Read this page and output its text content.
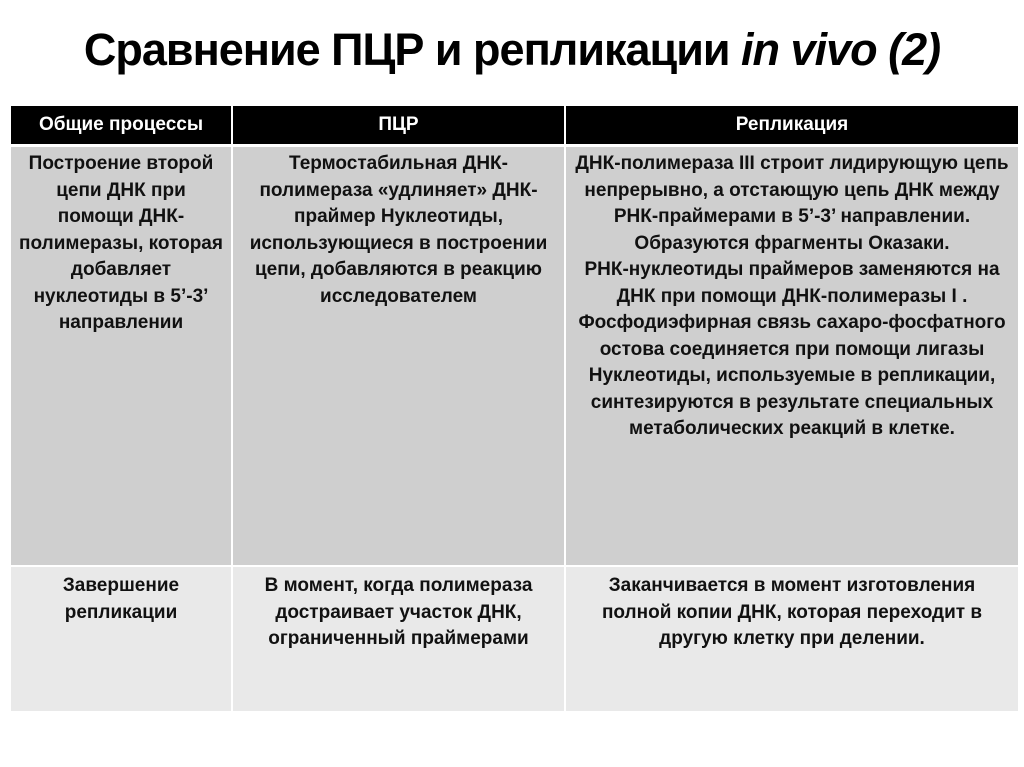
Сравнение ПЦР и репликации in vivo (2)
Общие процессы	ПЦР	Репликация
Построение второй цепи ДНК при помощи ДНК-полимеразы, которая добавляет нуклеотиды в 5’-3’ направлении	Термостабильная ДНК-полимераза «удлиняет» ДНК-праймер Нуклеотиды, использующиеся в построении цепи, добавляются в реакцию исследователем	ДНК-полимераза III строит лидирующую цепь непрерывно, а отстающую цепь ДНК между РНК-праймерами в 5’-3’ направлении.
Образуются фрагменты Оказаки.
РНК-нуклеотиды праймеров заменяются на ДНК при помощи ДНК-полимеразы I .
Фосфодиэфирная связь сахаро-фосфатного остова соединяется при помощи лигазы
Нуклеотиды, используемые в репликации, синтезируются в результате специальных метаболических реакций в клетке.

Завершение репликации	В момент, когда полимераза достраивает участок ДНК, ограниченный праймерами	Заканчивается в момент изготовления полной копии ДНК, которая переходит в другую клетку при делении.
